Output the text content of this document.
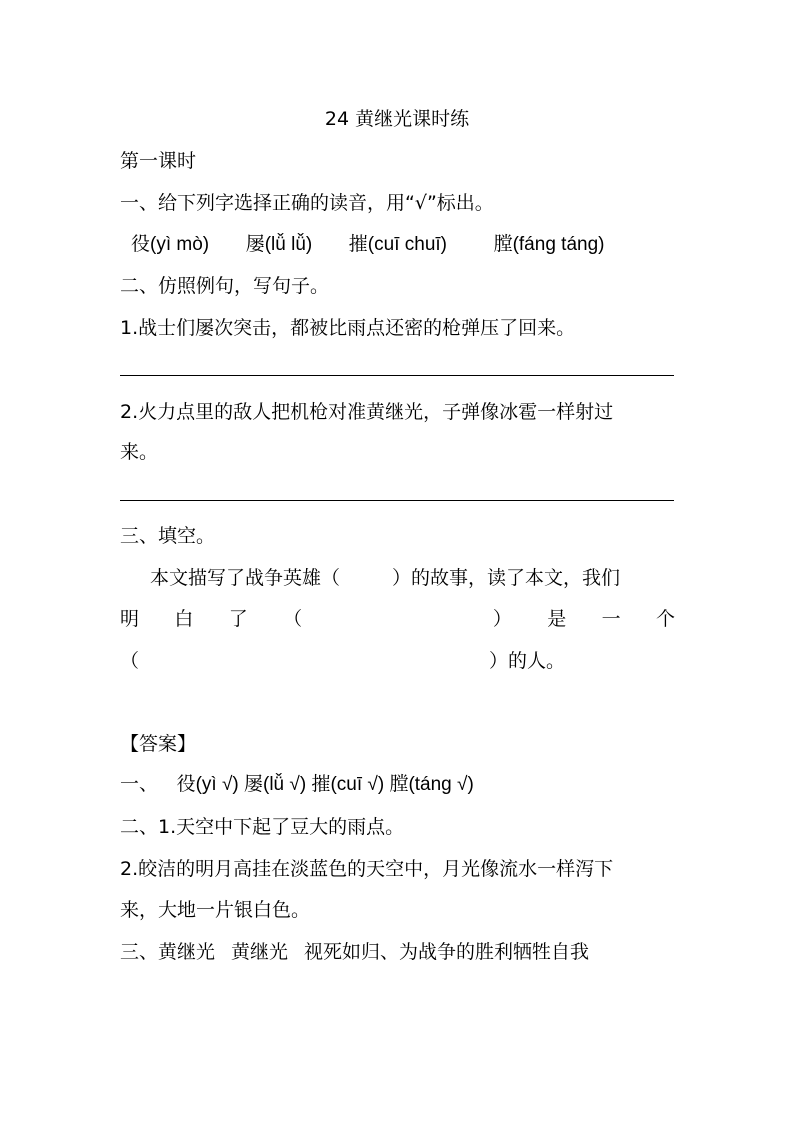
24 黄继光课时练
第一课时
一、给下列字选择正确的读音，用“√”标出。
役(yì mò) 屡(lǚ lǚ) 摧(cuī chuī) 膛(fáng táng)
二、仿照例句，写句子。
1.战士们屡次突击，都被比雨点还密的枪弹压了回来。
2.火力点里的敌人把机枪对准黄继光，子弹像冰雹一样射过
来。
三、填空。
本文描写了战争英雄（	）的故事，读了本文，我们
明 白 了 （	） 是 一 个
（	）的人。
【答案】
一、 役(yì √) 屡(lǚ √) 摧(cuī √) 膛(táng √)
二、1.天空中下起了豆大的雨点。
2.皎洁的明月高挂在淡蓝色的天空中，月光像流水一样泻下
来，大地一片银白色。
三、黄继光 黄继光 视死如归、为战争的胜利牺牲自我
